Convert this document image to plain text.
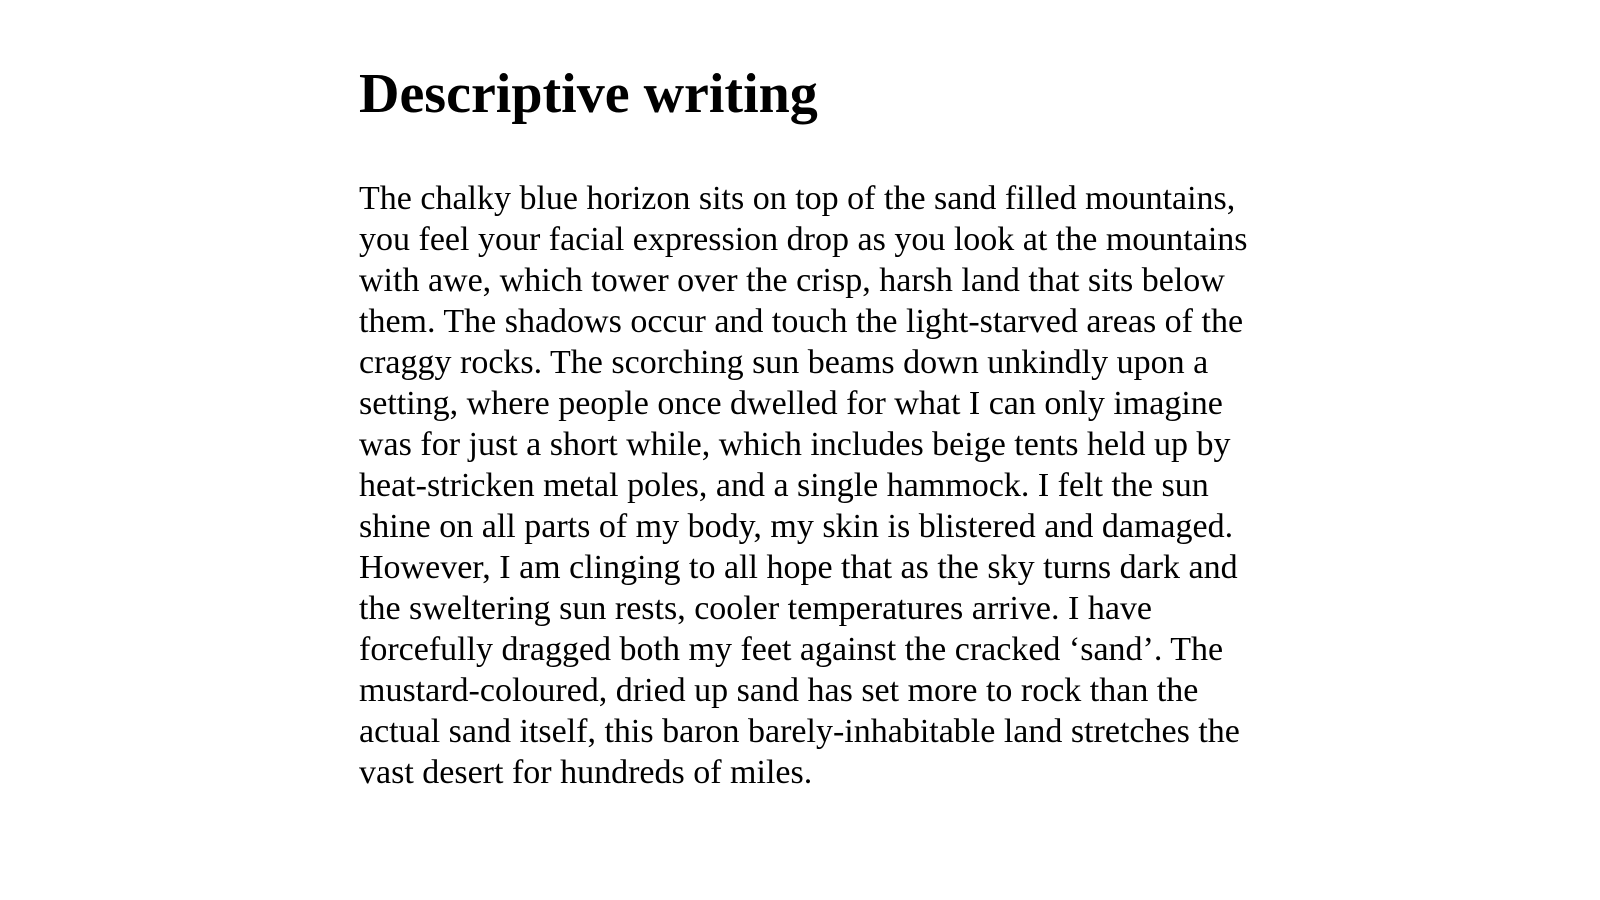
Descriptive writing
The chalky blue horizon sits on top of the sand filled mountains,
you feel your facial expression drop as you look at the mountains
with awe, which tower over the crisp, harsh land that sits below
them. The shadows occur and touch the light-starved areas of the
craggy rocks. The scorching sun beams down unkindly upon a
setting, where people once dwelled for what I can only imagine
was for just a short while, which includes beige tents held up by
heat-stricken metal poles, and a single hammock. I felt the sun
shine on all parts of my body, my skin is blistered and damaged.
However, I am clinging to all hope that as the sky turns dark and
the sweltering sun rests, cooler temperatures arrive. I have
forcefully dragged both my feet against the cracked ‘sand’. The
mustard-coloured, dried up sand has set more to rock than the
actual sand itself, this baron barely-inhabitable land stretches the
vast desert for hundreds of miles.
